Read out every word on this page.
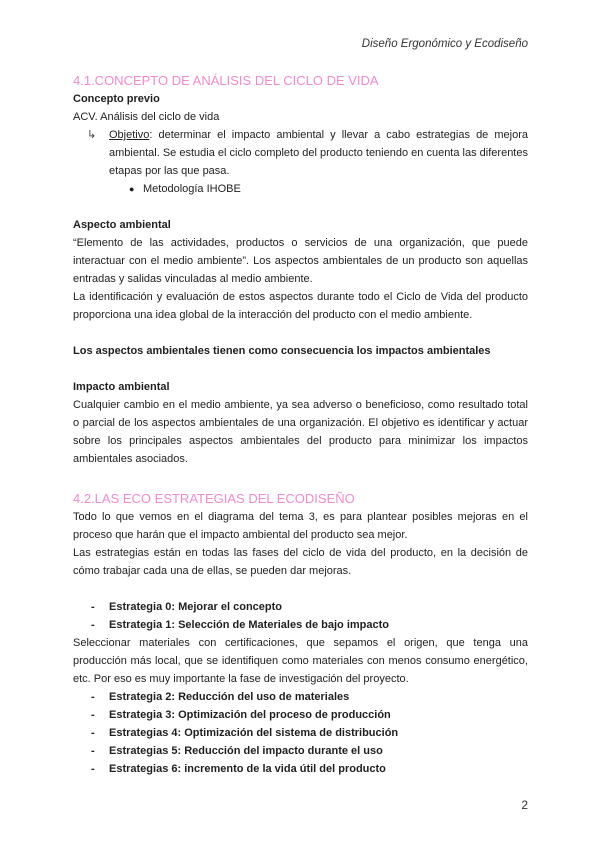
Diseño Ergonómico y Ecodiseño
4.1.CONCEPTO DE ANÁLISIS DEL CICLO DE VIDA

Concepto previo

ACV. Análisis del ciclo de vida

↳ Objetivo: determinar el impacto ambiental y llevar a cabo estrategias de mejora ambiental. Se estudia el ciclo completo del producto teniendo en cuenta las diferentes etapas por las que pasa.

● Metodología IHOBE

Aspecto ambiental

“Elemento de las actividades, productos o servicios de una organización, que puede interactuar con el medio ambiente”. Los aspectos ambientales de un producto son aquellas entradas y salidas vinculadas al medio ambiente.

La identificación y evaluación de estos aspectos durante todo el Ciclo de Vida del producto proporciona una idea global de la interacción del producto con el medio ambiente.

Los aspectos ambientales tienen como consecuencia los impactos ambientales

Impacto ambiental

Cualquier cambio en el medio ambiente, ya sea adverso o beneficioso, como resultado total o parcial de los aspectos ambientales de una organización. El objetivo es identificar y actuar sobre los principales aspectos ambientales del producto para minimizar los impactos ambientales asociados.

4.2.LAS ECO ESTRATEGIAS DEL ECODISEÑO

Todo lo que vemos en el diagrama del tema 3, es para plantear posibles mejoras en el proceso que harán que el impacto ambiental del producto sea mejor.

Las estrategias están en todas las fases del ciclo de vida del producto, en la decisión de cómo trabajar cada una de ellas, se pueden dar mejoras.

- Estrategia 0: Mejorar el concepto

- Estrategia 1: Selección de Materiales de bajo impacto

Seleccionar materiales con certificaciones, que sepamos el origen, que tenga una producción más local, que se identifiquen como materiales con menos consumo energético, etc. Por eso es muy importante la fase de investigación del proyecto.

- Estrategia 2: Reducción del uso de materiales

- Estrategia 3: Optimización del proceso de producción

- Estrategias 4: Optimización del sistema de distribución

- Estrategias 5: Reducción del impacto durante el uso

- Estrategias 6: incremento de la vida útil del producto

2
